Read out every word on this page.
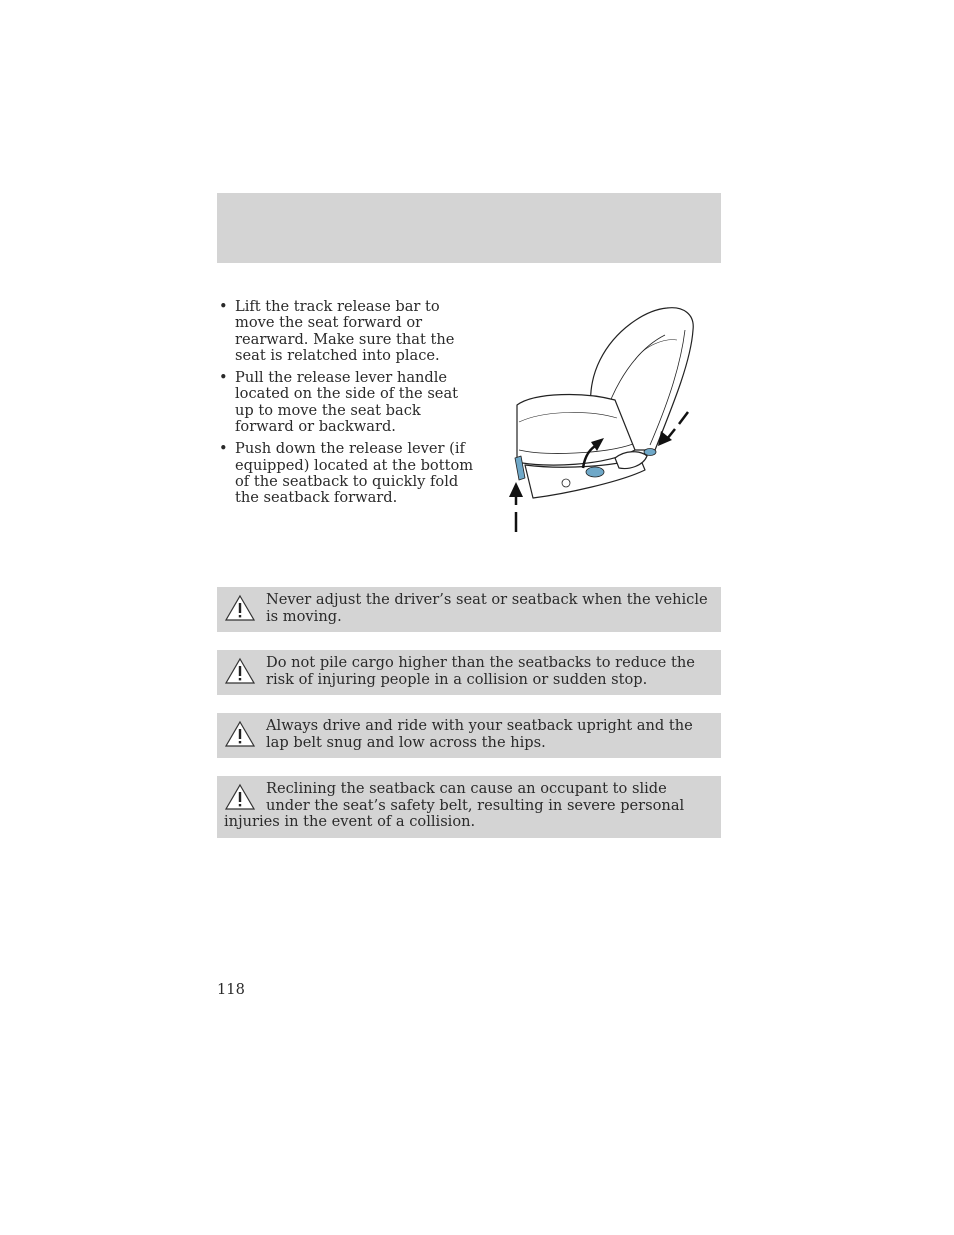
• Lift the track release bar to move the seat forward or rearward. Make sure that the seat is relatched into place.
• Pull the release lever handle located on the side of the seat up to move the seat back forward or backward.
• Push down the release lever (if equipped) located at the bottom of the seatback to quickly fold the seatback forward.
Never adjust the driver’s seat or seatback when the vehicle is moving.
Do not pile cargo higher than the seatbacks to reduce the risk of injuring people in a collision or sudden stop.
Always drive and ride with your seatback upright and the lap belt snug and low across the hips.
Reclining the seatback can cause an occupant to slide under the seat’s safety belt, resulting in severe personal injuries in the event of a collision.
118
